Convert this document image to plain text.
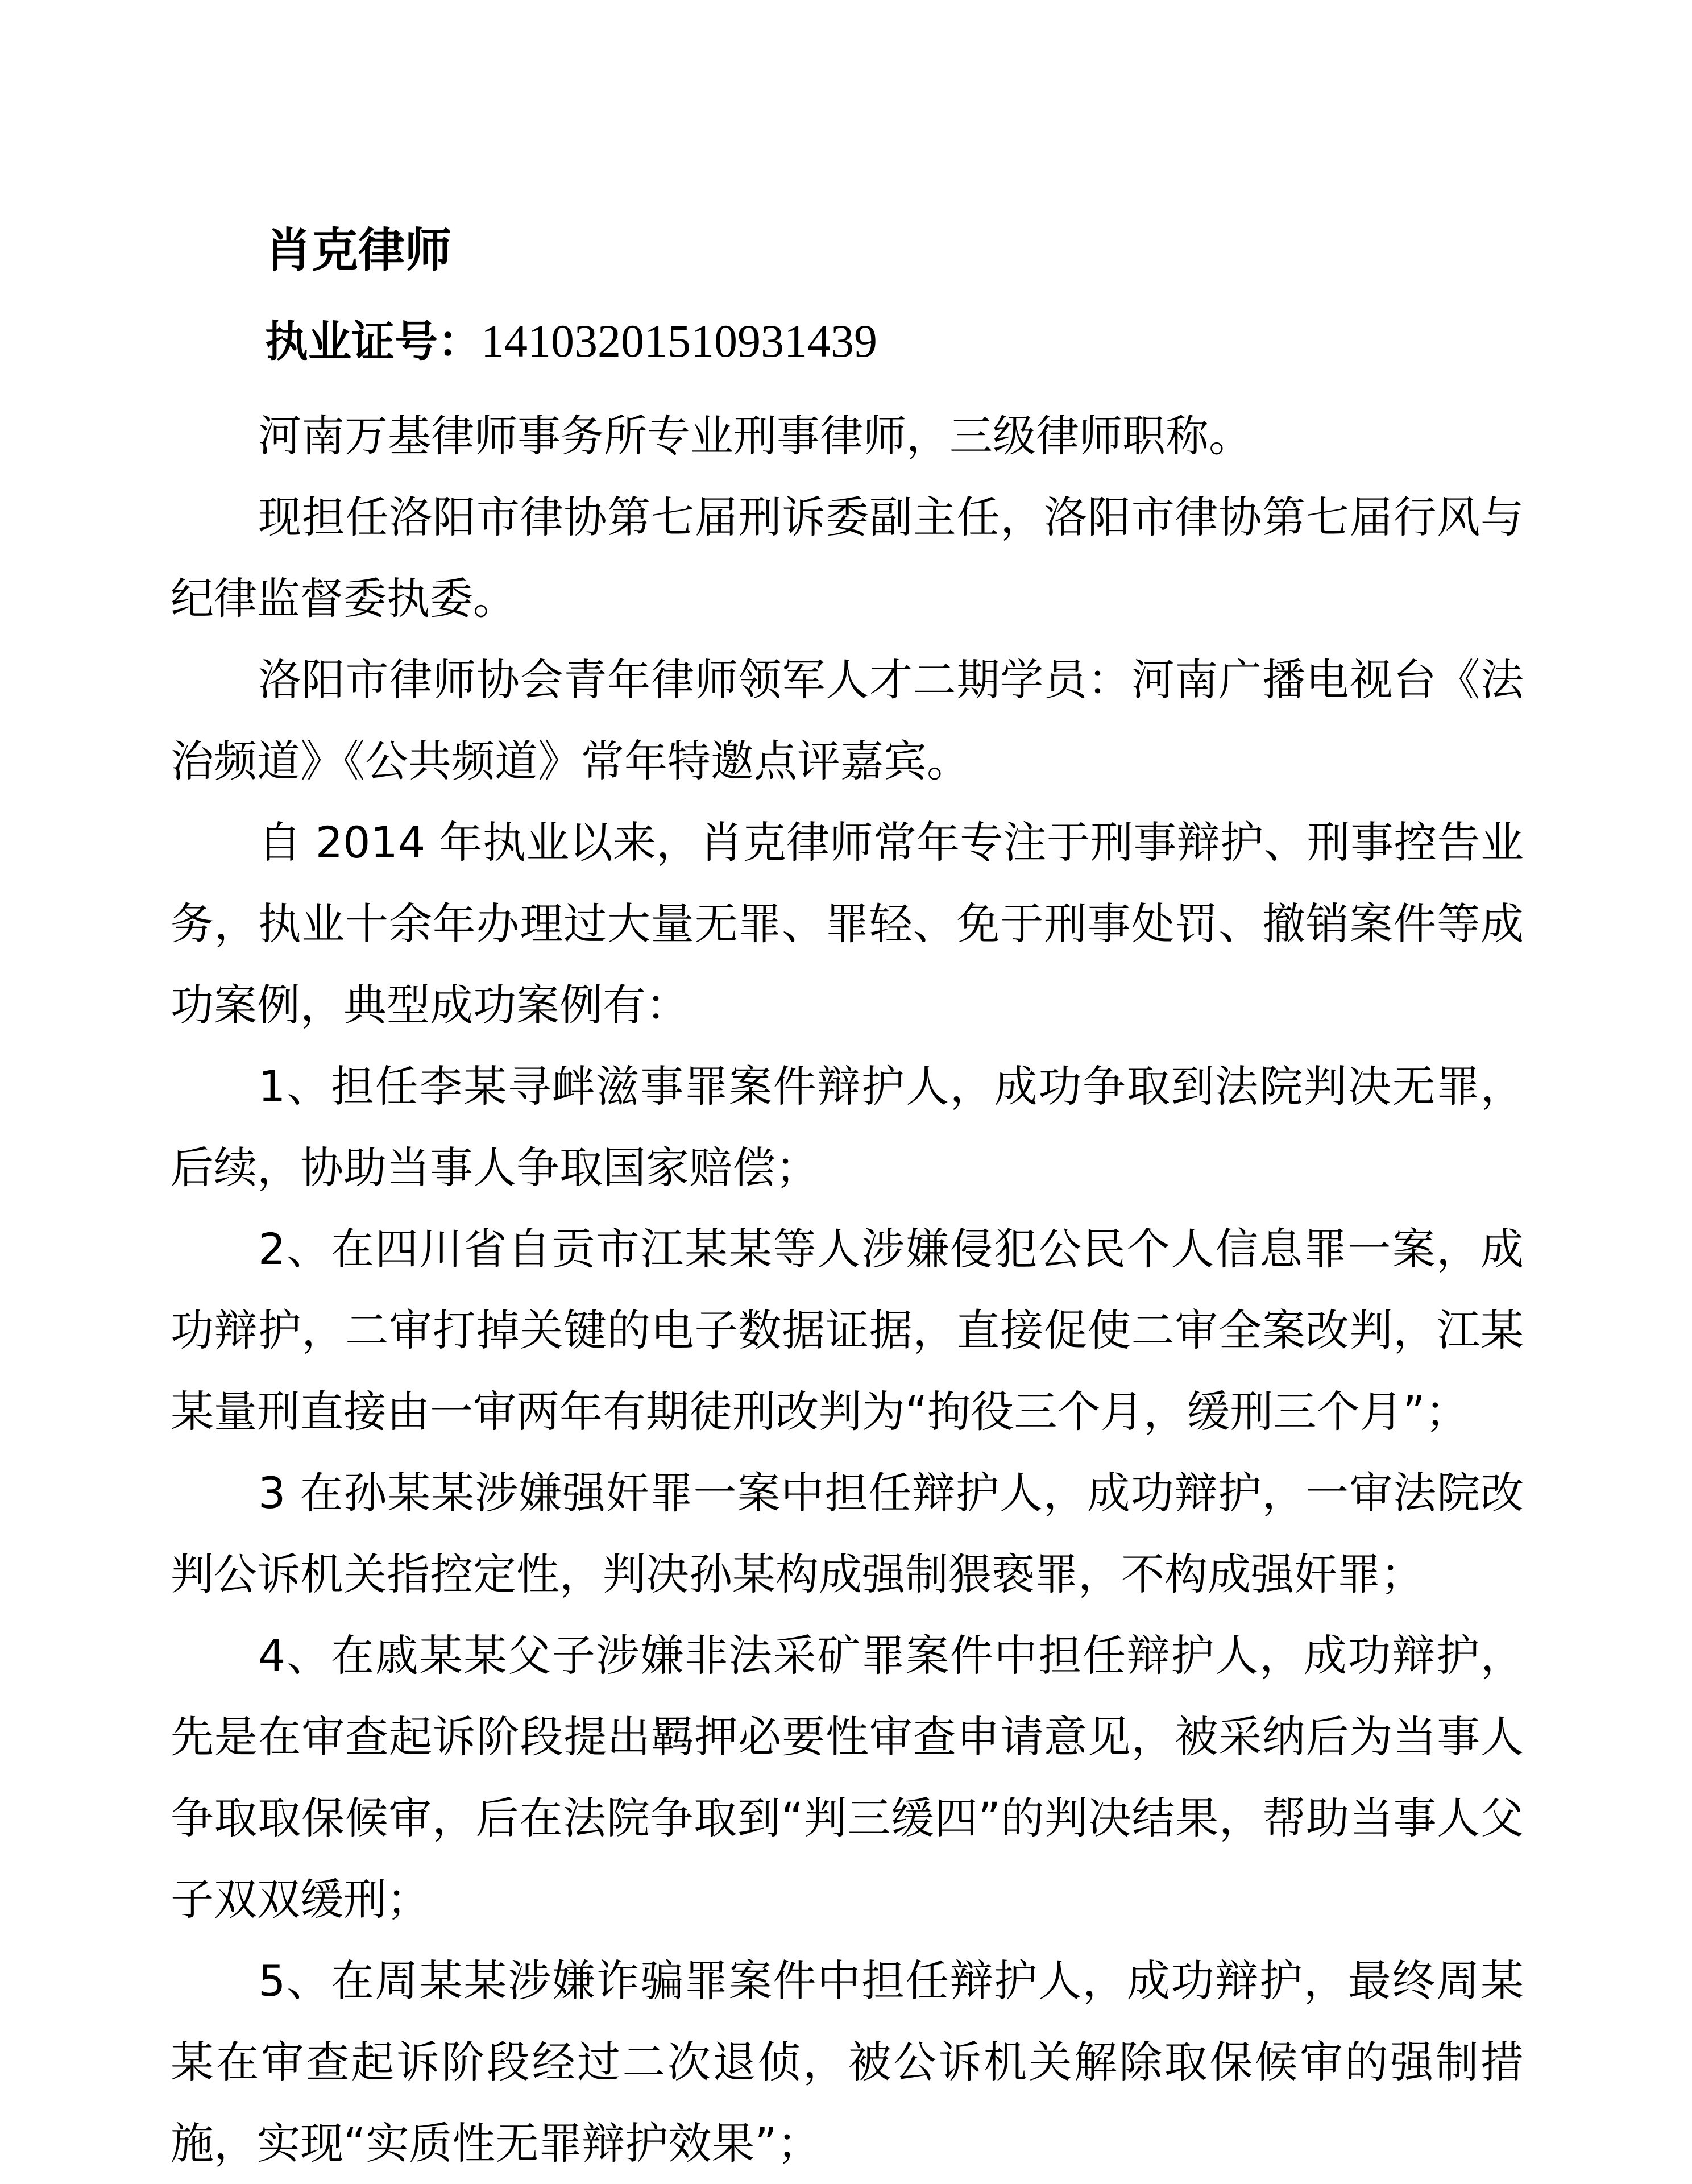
肖克律师

执业证号：14103201510931439

河南万基律师事务所专业刑事律师，三级律师职称。

现担任洛阳市律协第七届刑诉委副主任，洛阳市律协第七届行风与纪律监督委执委。

洛阳市律师协会青年律师领军人才二期学员：河南广播电视台《法治频道》《公共频道》常年特邀点评嘉宾。

自 2014 年执业以来，肖克律师常年专注于刑事辩护、刑事控告业务，执业十余年办理过大量无罪、罪轻、免于刑事处罚、撤销案件等成功案例，典型成功案例有：

1、担任李某寻衅滋事罪案件辩护人，成功争取到法院判决无罪，后续，协助当事人争取国家赔偿；

2、在四川省自贡市江某某等人涉嫌侵犯公民个人信息罪一案，成功辩护，二审打掉关键的电子数据证据，直接促使二审全案改判，江某某量刑直接由一审两年有期徒刑改判为“拘役三个月，缓刑三个月”；

3 在孙某某涉嫌强奸罪一案中担任辩护人，成功辩护，一审法院改判公诉机关指控定性，判决孙某构成强制猥亵罪，不构成强奸罪；

4、在戚某某父子涉嫌非法采矿罪案件中担任辩护人，成功辩护，先是在审查起诉阶段提出羁押必要性审查申请意见，被采纳后为当事人争取取保候审，后在法院争取到“判三缓四”的判决结果，帮助当事人父子双双缓刑；

5、在周某某涉嫌诈骗罪案件中担任辩护人，成功辩护，最终周某某在审查起诉阶段经过二次退侦，被公诉机关解除取保候审的强制措施，实现“实质性无罪辩护效果”；
